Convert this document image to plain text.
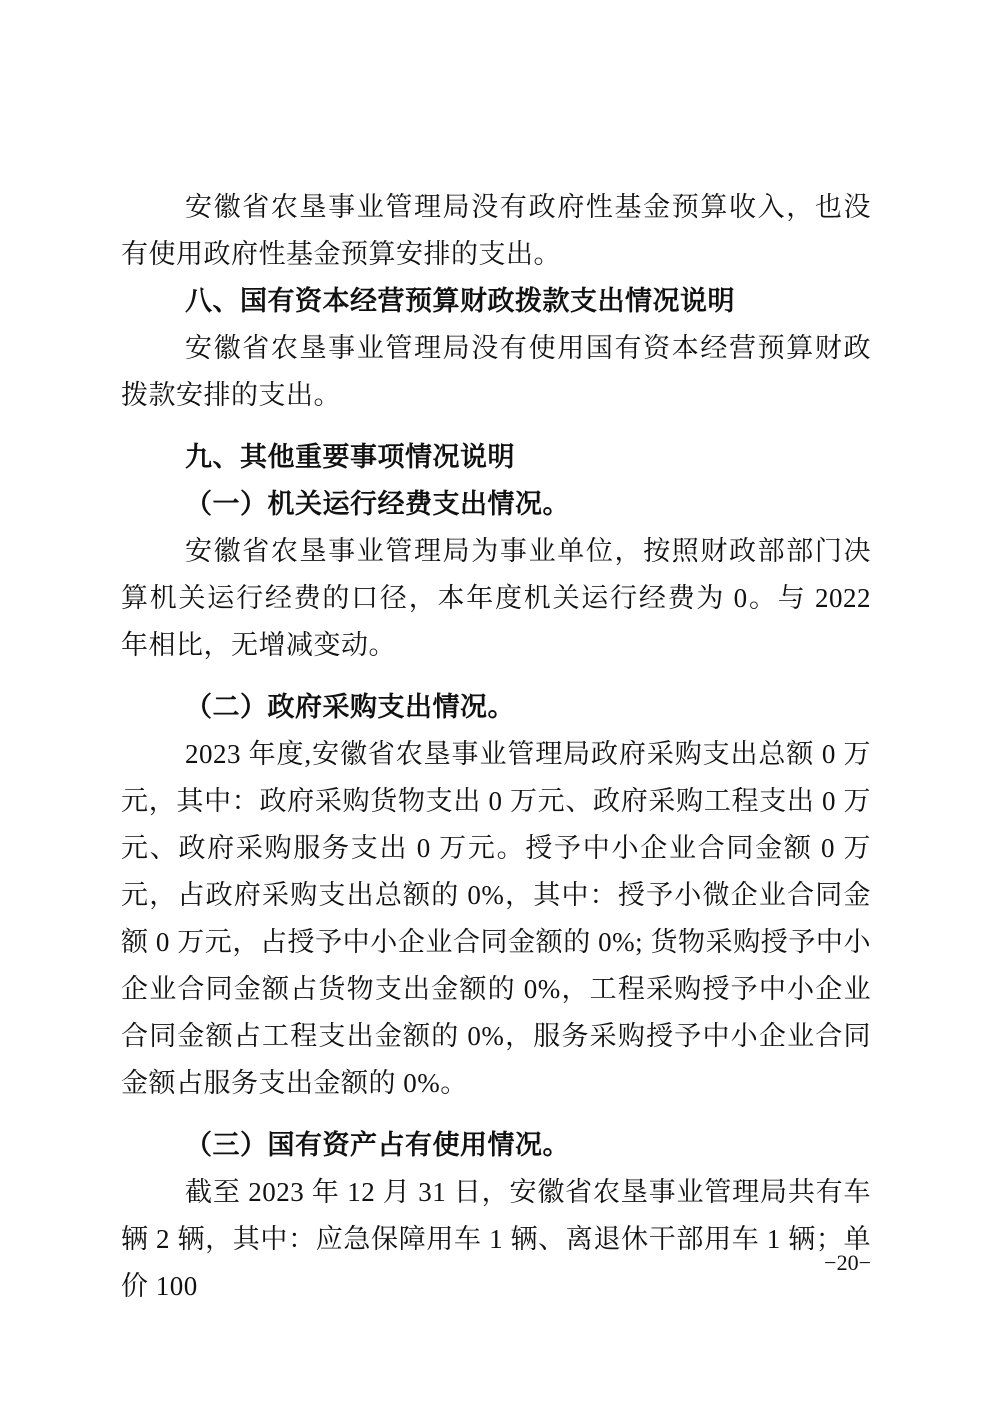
安徽省农垦事业管理局没有政府性基金预算收入，也没有使用政府性基金预算安排的支出。

八、国有资本经营预算财政拨款支出情况说明

安徽省农垦事业管理局没有使用国有资本经营预算财政拨款安排的支出。

九、其他重要事项情况说明
（一）机关运行经费支出情况。

安徽省农垦事业管理局为事业单位，按照财政部部门决算机关运行经费的口径，本年度机关运行经费为 0。与 2022 年相比，无增减变动。

（二）政府采购支出情况。

2023 年度,安徽省农垦事业管理局政府采购支出总额 0 万元，其中：政府采购货物支出 0 万元、政府采购工程支出 0 万元、政府采购服务支出 0 万元。授予中小企业合同金额 0 万元，占政府采购支出总额的 0%，其中：授予小微企业合同金额 0 万元，占授予中小企业合同金额的 0%; 货物采购授予中小企业合同金额占货物支出金额的 0%，工程采购授予中小企业合同金额占工程支出金额的 0%，服务采购授予中小企业合同金额占服务支出金额的 0%。

（三）国有资产占有使用情况。

截至 2023 年 12 月 31 日，安徽省农垦事业管理局共有车辆 2 辆，其中：应急保障用车 1 辆、离退休干部用车 1 辆；单价 100

−20−
